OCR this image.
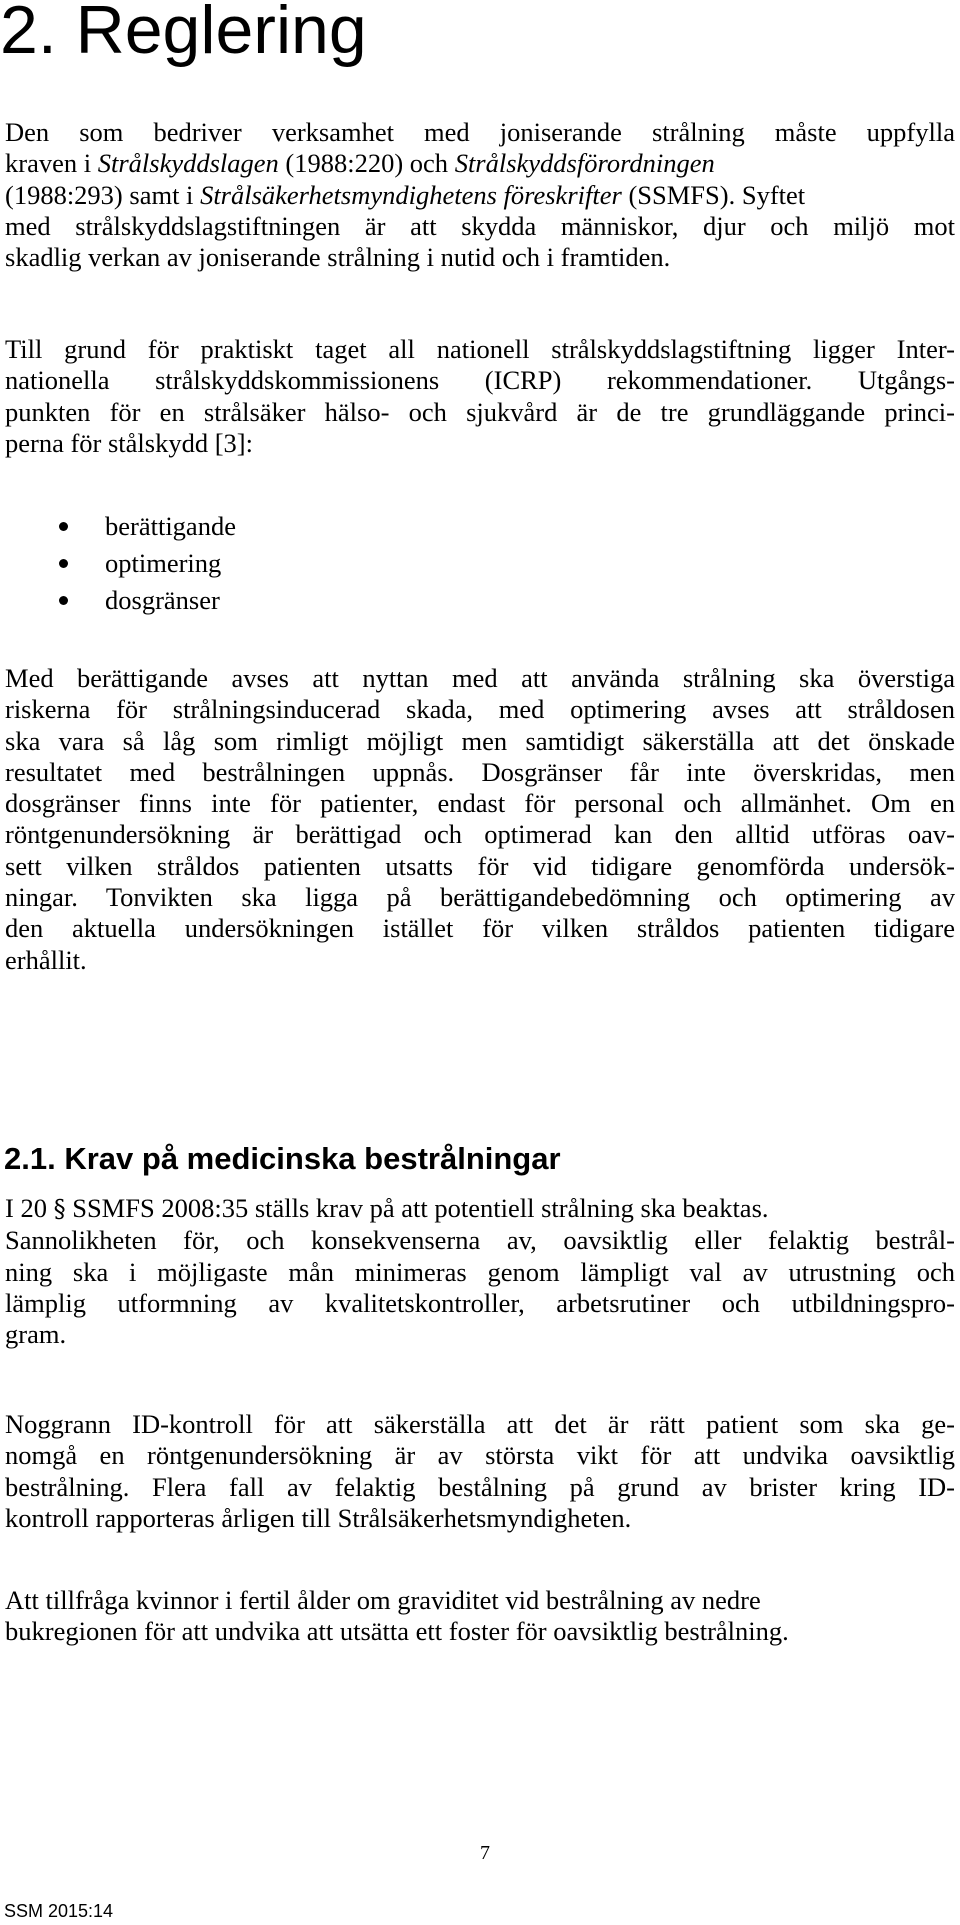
2. Reglering
Den som bedriver verksamhet med joniserande strålning måste uppfylla
kraven i Strålskyddslagen (1988:220) och Strålskyddsförordningen
(1988:293) samt i Strålsäkerhetsmyndighetens föreskrifter (SSMFS). Syftet
med strålskyddslagstiftningen är att skydda människor, djur och miljö mot
skadlig verkan av joniserande strålning i nutid och i framtiden.
Till grund för praktiskt taget all nationell strålskyddslagstiftning ligger Inter-
nationella strålskyddskommissionens (ICRP) rekommendationer. Utgångs-
punkten för en strålsäker hälso- och sjukvård är de tre grundläggande princi-
perna för stålskydd [3]:
berättigande
optimering
dosgränser
Med berättigande avses att nyttan med att använda strålning ska överstiga
riskerna för strålningsinducerad skada, med optimering avses att stråldosen
ska vara så låg som rimligt möjligt men samtidigt säkerställa att det önskade
resultatet med bestrålningen uppnås. Dosgränser får inte överskridas, men
dosgränser finns inte för patienter, endast för personal och allmänhet. Om en
röntgenundersökning är berättigad och optimerad kan den alltid utföras oav-
sett vilken stråldos patienten utsatts för vid tidigare genomförda undersök-
ningar. Tonvikten ska ligga på berättigandebedömning och optimering av
den aktuella undersökningen istället för vilken stråldos patienten tidigare
erhållit.
2.1. Krav på medicinska bestrålningar
I 20 § SSMFS 2008:35 ställs krav på att potentiell strålning ska beaktas.
Sannolikheten för, och konsekvenserna av, oavsiktlig eller felaktig bestrål-
ning ska i möjligaste mån minimeras genom lämpligt val av utrustning och
lämplig utformning av kvalitetskontroller, arbetsrutiner och utbildningspro-
gram.
Noggrann ID-kontroll för att säkerställa att det är rätt patient som ska ge-
nomgå en röntgenundersökning är av största vikt för att undvika oavsiktlig
bestrålning. Flera fall av felaktig bestålning på grund av brister kring ID-
kontroll rapporteras årligen till Strålsäkerhetsmyndigheten.
Att tillfråga kvinnor i fertil ålder om graviditet vid bestrålning av nedre
bukregionen för att undvika att utsätta ett foster för oavsiktlig bestrålning.
7
SSM 2015:14
